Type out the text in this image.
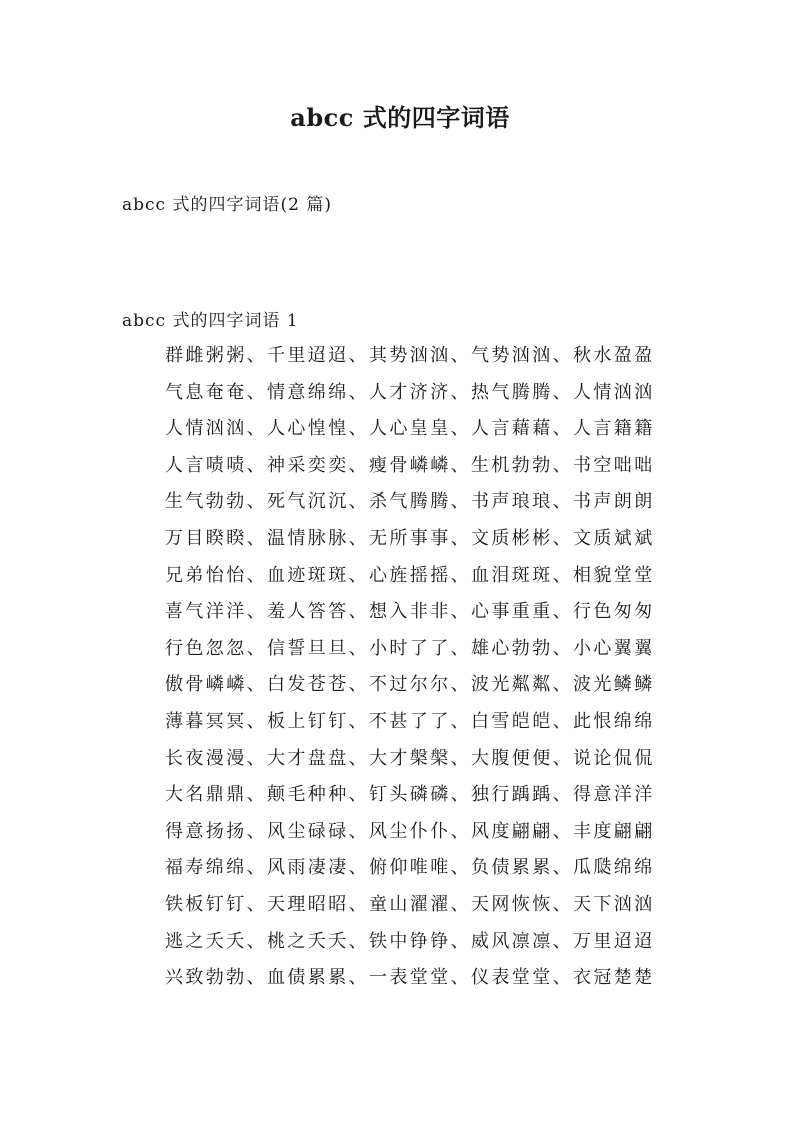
abcc 式的四字词语

abcc 式的四字词语(2 篇)

abcc 式的四字词语 1

群雌粥粥、千里迢迢、其势汹汹、气势汹汹、秋水盈盈
气息奄奄、情意绵绵、人才济济、热气腾腾、人情汹汹
人情汹汹、人心惶惶、人心皇皇、人言藉藉、人言籍籍
人言啧啧、神采奕奕、瘦骨嶙嶙、生机勃勃、书空咄咄
生气勃勃、死气沉沉、杀气腾腾、书声琅琅、书声朗朗
万目睽睽、温情脉脉、无所事事、文质彬彬、文质斌斌
兄弟怡怡、血迹斑斑、心旌摇摇、血泪斑斑、相貌堂堂
喜气洋洋、羞人答答、想入非非、心事重重、行色匆匆
行色忽忽、信誓旦旦、小时了了、雄心勃勃、小心翼翼
傲骨嶙嶙、白发苍苍、不过尔尔、波光粼粼、波光鳞鳞
薄暮冥冥、板上钉钉、不甚了了、白雪皑皑、此恨绵绵
长夜漫漫、大才盘盘、大才槃槃、大腹便便、说论侃侃
大名鼎鼎、颠毛种种、钉头磷磷、独行踽踽、得意洋洋
得意扬扬、风尘碌碌、风尘仆仆、风度翩翩、丰度翩翩
福寿绵绵、风雨凄凄、俯仰唯唯、负债累累、瓜瓞绵绵
铁板钉钉、天理昭昭、童山濯濯、天网恢恢、天下汹汹
逃之夭夭、桃之夭夭、铁中铮铮、威风凛凛、万里迢迢
兴致勃勃、血债累累、一表堂堂、仪表堂堂、衣冠楚楚
